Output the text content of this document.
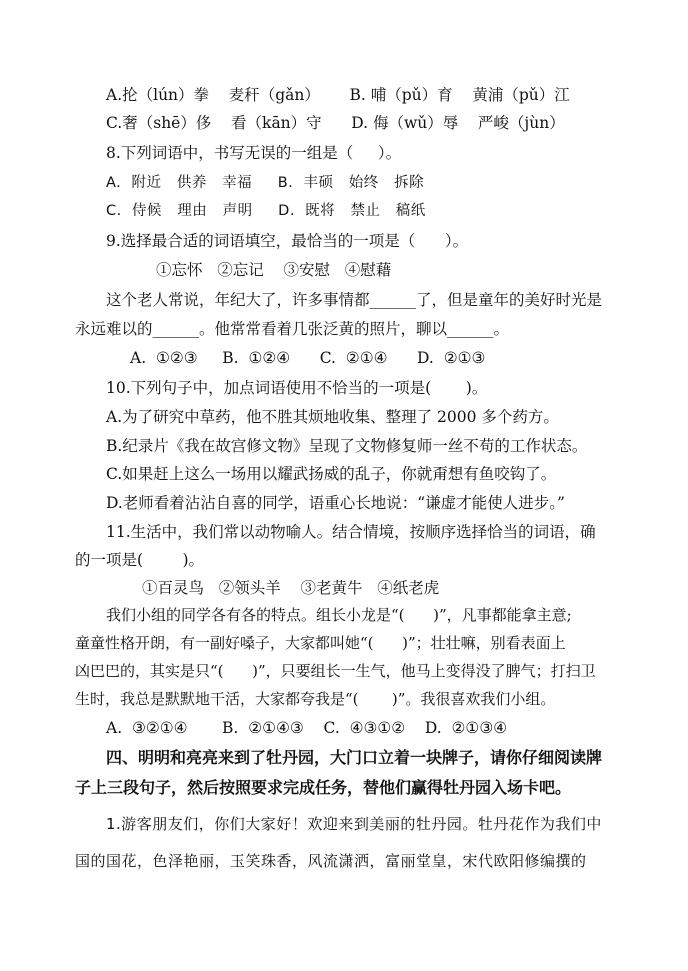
A.抡（lún）拳    麦秆（gǎn）      B. 哺（pǔ）育    黄浦（pǔ）江
C.奢（shē）侈    看（kān）守      D. 侮（wǔ）辱    严峻（jùn）
8.下列词语中，书写无误的一组是（     ）。
A.  附近   供养   幸福     B.  丰硕   始终   拆除
C.  侍候   理由   声明     D.  既将   禁止   稿纸
9.选择最合适的词语填空，最恰当的一项是（      ）。
①忘怀   ②忘记    ③安慰   ④慰藉
这个老人常说，年纪大了，许多事情都______了，但是童年的美好时光是
永远难以的______。他常常看着几张泛黄的照片，聊以______。
A.  ①②③     B.  ①②④      C.  ②①④      D.  ②①③
10.下列句子中，加点词语使用不恰当的一项是(       )。
A.为了研究中草药，他不胜其烦地收集、整理了 2000 多个药方。
B.纪录片《我在故宫修文物》呈现了文物修复师一丝不苟的工作状态。
C.如果赶上这么一场用以耀武扬威的乱子，你就甭想有鱼咬钩了。
D.老师看着沾沾自喜的同学，语重心长地说：“谦虚才能使人进步。”
11.生活中，我们常以动物喻人。结合情境，按顺序选择恰当的词语，确
的一项是(        )。
①百灵鸟   ②领头羊    ③老黄牛   ④纸老虎
我们小组的同学各有各的特点。组长小龙是“(      )”，凡事都能拿主意;
童童性格开朗，有一副好嗓子，大家都叫她“(      )”；壮壮嘛，别看表面上
凶巴巴的，其实是只“(      )”，只要组长一生气，他马上变得没了脾气；打扫卫
生时，我总是默默地干活，大家都夸我是“(       )”。我很喜欢我们小组。
A.  ③②①④       B.  ②①④③    C.  ④③①②    D.  ②①③④
四、明明和亮亮来到了牡丹园，大门口立着一块牌子，请你仔细阅读牌
子上三段句子，然后按照要求完成任务，替他们赢得牡丹园入场卡吧。
1.游客朋友们，你们大家好！欢迎来到美丽的牡丹园。牡丹花作为我们中
国的国花，色泽艳丽，玉笑珠香，风流潇洒，富丽堂皇，宋代欧阳修编撰的
